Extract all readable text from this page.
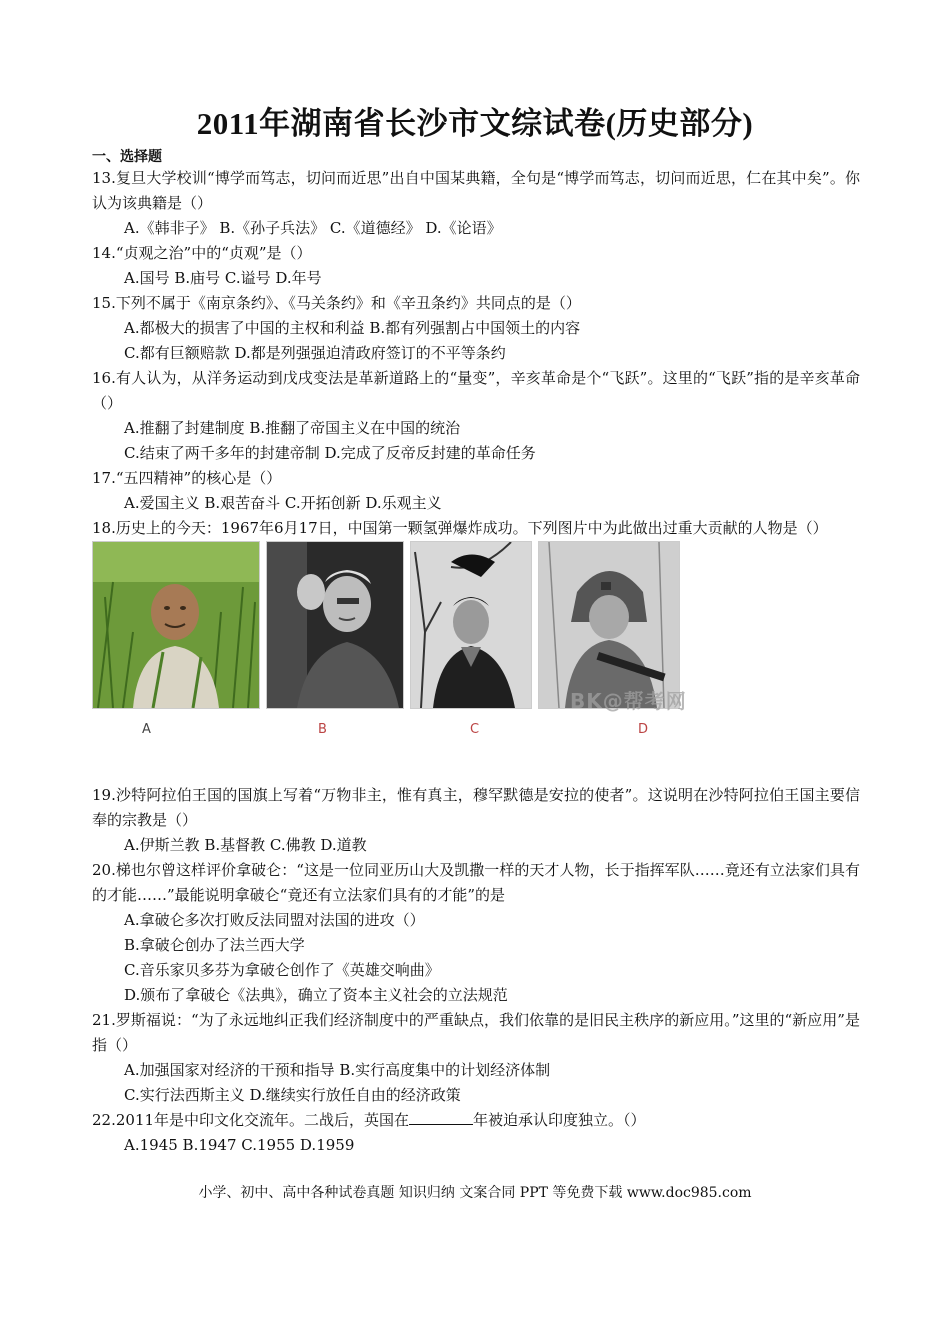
2011年湖南省长沙市文综试卷(历史部分)
一、选择题

13.复旦大学校训“博学而笃志，切问而近思”出自中国某典籍，全句是“博学而笃志，切问而近思，仁在其中矣”。你认为该典籍是（）

A.《韩非子》 B.《孙子兵法》 C.《道德经》 D.《论语》

14.“贞观之治”中的“贞观”是（）

A.国号 B.庙号 C.谥号 D.年号

15.下列不属于《南京条约》、《马关条约》和《辛丑条约》共同点的是（）

A.都极大的损害了中国的主权和利益 B.都有列强割占中国领土的内容

C.都有巨额赔款 D.都是列强强迫清政府签订的不平等条约

16.有人认为，从洋务运动到戊戌变法是革新道路上的“量变”，辛亥革命是个“飞跃”。这里的“飞跃”指的是辛亥革命（）

A.推翻了封建制度 B.推翻了帝国主义在中国的统治

C.结束了两千多年的封建帝制 D.完成了反帝反封建的革命任务

17.“五四精神”的核心是（）

A.爱国主义 B.艰苦奋斗 C.开拓创新 D.乐观主义

18.历史上的今天：1967年6月17日，中国第一颗氢弹爆炸成功。下列图片中为此做出过重大贡献的人物是（）

A	B	C	D
BK@帮考网

19.沙特阿拉伯王国的国旗上写着“万物非主，惟有真主，穆罕默德是安拉的使者”。这说明在沙特阿拉伯王国主要信奉的宗教是（）

A.伊斯兰教 B.基督教 C.佛教 D.道教

20.梯也尔曾这样评价拿破仑：“这是一位同亚历山大及凯撒一样的天才人物，长于指挥军队……竟还有立法家们具有的才能……”最能说明拿破仑“竟还有立法家们具有的才能”的是

A.拿破仑多次打败反法同盟对法国的进攻（）

B.拿破仑创办了法兰西大学

C.音乐家贝多芬为拿破仑创作了《英雄交响曲》

D.颁布了拿破仑《法典》，确立了资本主义社会的立法规范

21.罗斯福说：“为了永远地纠正我们经济制度中的严重缺点，我们依靠的是旧民主秩序的新应用。”这里的“新应用”是指（）

A.加强国家对经济的干预和指导 B.实行高度集中的计划经济体制

C.实行法西斯主义 D.继续实行放任自由的经济政策

22.2011年是中印文化交流年。二战后，英国在	年被迫承认印度独立。（）

A.1945 B.1947 C.1955 D.1959

小学、初中、高中各种试卷真题 知识归纳 文案合同 PPT 等免费下载 www.doc985.com
